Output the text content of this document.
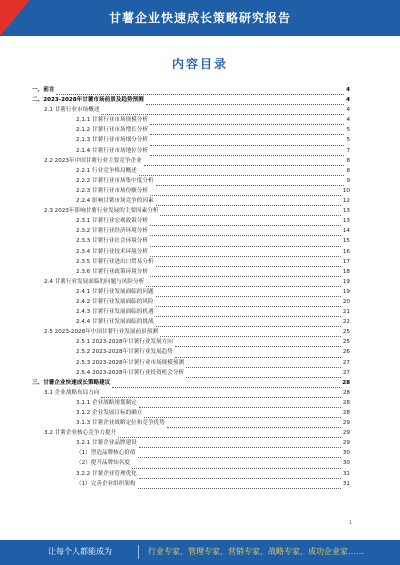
甘薯企业快速成长策略研究报告
内容目录
一、前言	4
二、2023-2028年甘薯市场前景及趋势预测	4
2.1 甘薯行业市场概述	4
2.1.1 甘薯行业市场规模分析	4
2.1.2 甘薯行业市场增长分析	5
2.1.3 甘薯行业市场细分分析	5
2.1.4 甘薯行业市场地位分析	7
2.2 2023年中国甘薯行业主要竞争企业	8
2.2.1 行业竞争格局概述	8
2.2.2 甘薯行业市场集中度分析	9
2.2.3 甘薯行业市场份额分析	10
2.2.4 影响甘薯市场竞争的因素	12
2.3 2023年影响甘薯行业发展的主要因素分析	13
2.3.1 甘薯行业宏观政策分析	13
2.3.2 甘薯行业经济环境分析	14
2.3.3 甘薯行业社会环境分析	15
2.3.4 甘薯行业技术环境分析	16
2.3.5 甘薯行业进出口贸易分析	17
2.3.6 甘薯行业政策环境分析	18
2.4 甘薯行业发展面临的问题与风险分析	19
2.4.1 甘薯行业发展面临的问题	19
2.4.2 甘薯行业发展面临的风险	20
2.4.3 甘薯行业发展面临的机遇	21
2.4.4 甘薯行业发展面临的挑战	22
2.5 2023-2028年中国甘薯行业发展前景预测	25
2.5.1 2023-2028年甘薯行业发展方向	25
2.5.2 2023-2028年甘薯行业发展趋势	26
2.5.3 2023-2028年甘薯行业市场规模预测	27
2.5.4 2023-2028年甘薯行业投资机会分析	27
三、甘薯企业快速成长策略建议	28
3.1 企业战略布局方向	28
3.1.1 企业战略规划制定	28
3.1.2 企业发展目标的确立	28
3.1.3 甘薯企业战略定位和竞争优势	29
3.2 甘薯企业核心竞争力提升	29
3.2.1 甘薯企业品牌建设	29
（1）塑造品牌核心价值	30
（2）提升品牌知名度	30
3.2.2 甘薯企业管理优化	31
（1）完善企业组织架构	31
1
让每个人都能成为	行业专家、管理专家、营销专家、战略专家、成功企业家……
